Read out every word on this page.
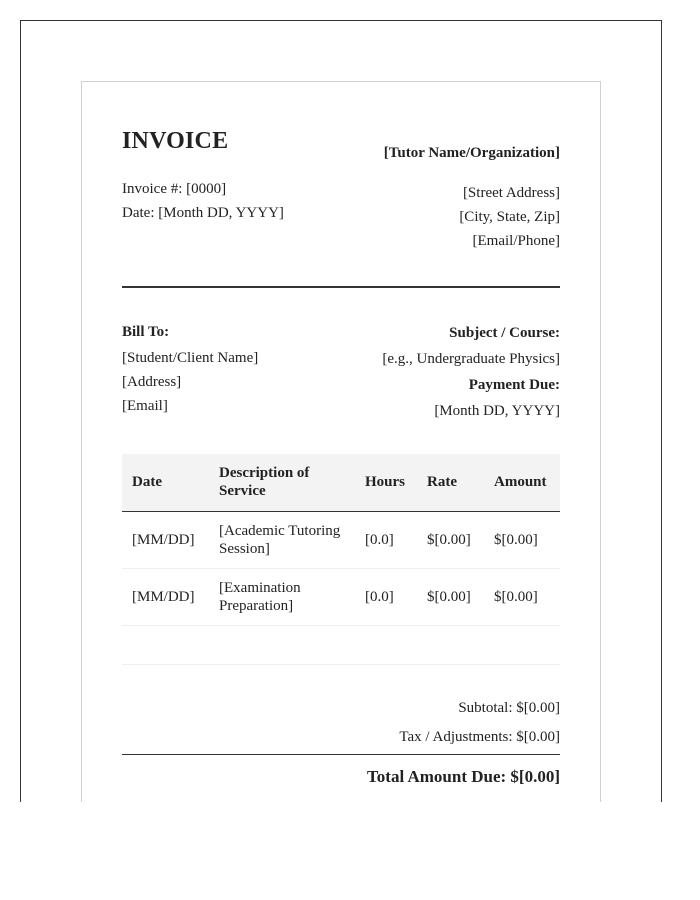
INVOICE
Invoice #: [0000]
Date: [Month DD, YYYY]
[Tutor Name/Organization]
[Street Address]
[City, State, Zip]
[Email/Phone]
Bill To:
[Student/Client Name]
[Address]
[Email]
Subject / Course:
[e.g., Undergraduate Physics]
Payment Due:
[Month DD, YYYY]
Date	Description of Service	Hours	Rate	Amount
[MM/DD]	[Academic Tutoring Session]	[0.0]	$[0.00]	$[0.00]
[MM/DD]	[Examination Preparation]	[0.0]	$[0.00]	$[0.00]

Subtotal: $[0.00]
Tax / Adjustments: $[0.00]
Total Amount Due: $[0.00]
